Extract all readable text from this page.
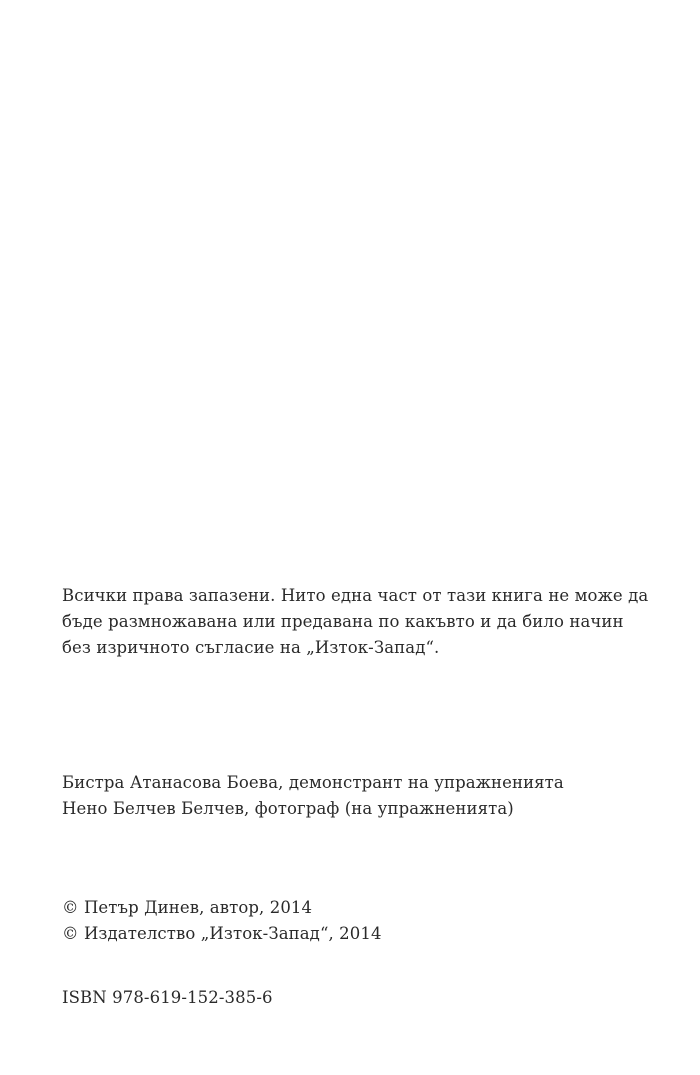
Всички права запазени. Нито една част от тази книга не може да
бъде размножавана или предавана по какъвто и да било начин
без изричното съгласие на „Изток-Запад“.
Бистра Атанасова Боева, демонстрант на упражненията
Нено Белчев Белчев, фотограф (на упражненията)
© Петър Динев, автор, 2014
© Издателство „Изток-Запад“, 2014
ISBN 978-619-152-385-6
